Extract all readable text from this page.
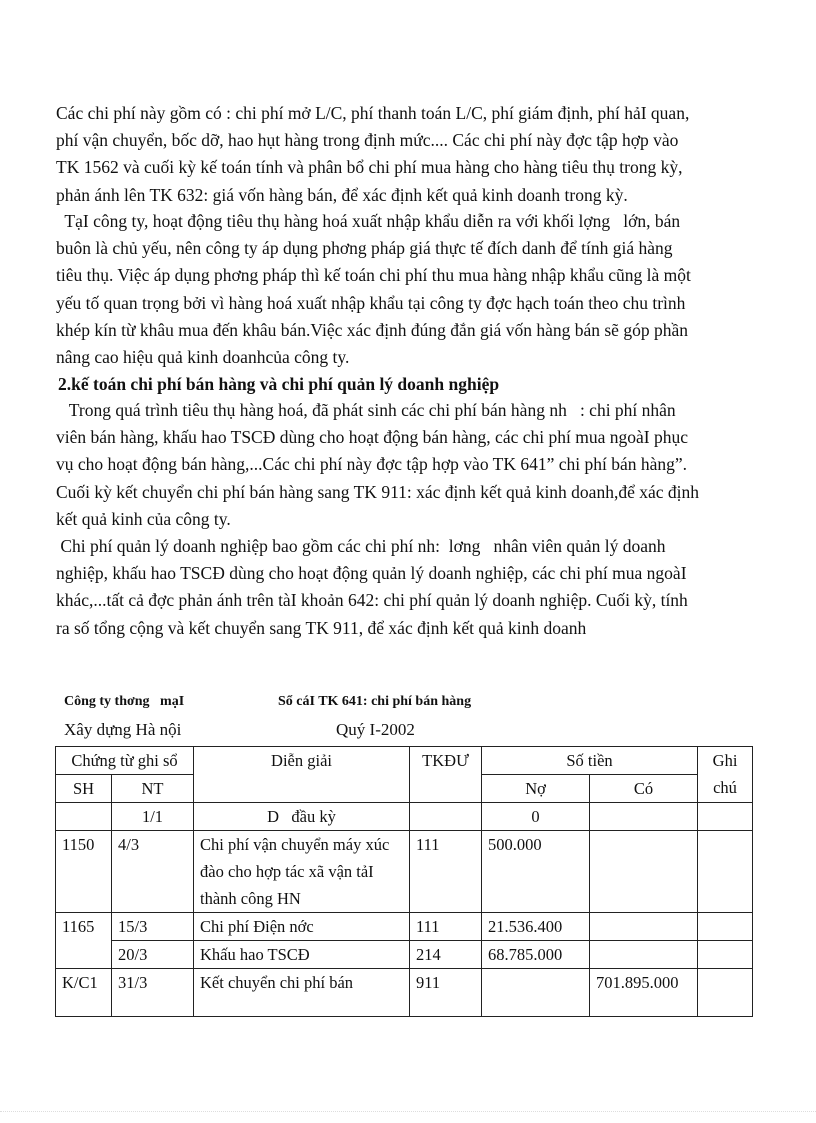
Các chi phí này gồm có : chi phí mở L/C, phí thanh toán L/C, phí giám định, phí hảI quan,
phí vận chuyển, bốc dỡ, hao hụt hàng trong định mức.... Các chi phí này đợc tập hợp vào
TK 1562 và cuối kỳ kế toán tính và phân bổ chi phí mua hàng cho hàng tiêu thụ trong kỳ,
phản ánh lên TK 632: giá vốn hàng bán, để xác định kết quả kinh doanh trong kỳ.
TạI công ty, hoạt động tiêu thụ hàng hoá xuất nhập khẩu diễn ra với khối lợng   lớn, bán
buôn là chủ yếu, nên công ty áp dụng phơng pháp giá thực tế đích danh để tính giá hàng
tiêu thụ. Việc áp dụng phơng pháp thì kế toán chi phí thu mua hàng nhập khẩu cũng là một
yếu tố quan trọng bởi vì hàng hoá xuất nhập khẩu tại công ty đợc hạch toán theo chu trình
khép kín từ khâu mua đến khâu bán.Việc xác định đúng đắn giá vốn hàng bán sẽ góp phần
nâng cao hiệu quả kinh doanhcủa công ty.
2.kế toán chi phí bán hàng và chi phí quản lý doanh nghiệp
Trong quá trình tiêu thụ hàng hoá, đã phát sinh các chi phí bán hàng nh   : chi phí nhân
viên bán hàng, khấu hao TSCĐ dùng cho hoạt động bán hàng, các chi phí mua ngoàI phục
vụ cho hoạt động bán hàng,...Các chi phí này đợc tập hợp vào TK 641” chi phí bán hàng”.
Cuối kỳ kết chuyển chi phí bán hàng sang TK 911: xác định kết quả kinh doanh,để xác định
kết quả kinh của công ty.
Chi phí quản lý doanh nghiệp bao gồm các chi phí nh:  lơng   nhân viên quản lý doanh
nghiệp, khấu hao TSCĐ dùng cho hoạt động quản lý doanh nghiệp, các chi phí mua ngoàI
khác,...tất cả đợc phản ánh trên tàI khoản 642: chi phí quản lý doanh nghiệp. Cuối kỳ, tính
ra số tổng cộng và kết chuyển sang TK 911, để xác định kết quả kinh doanh
Công ty thơng   mạI	Sổ cáI TK 641: chi phí bán hàng
Xây dựng Hà nội	Quý I-2002
Chứng từ ghi sổ		Diễn giải	TKĐƯ	Số tiền		Ghi chú
SH	NT			Nợ	Có	
	1/1	D   đầu kỳ		0		
1150	4/3	Chi phí vận chuyển máy xúc đào cho hợp tác xã vận tảI thành công HN	111	500.000		
1165	15/3	Chi phí Điện nớc	111	21.536.400		
	20/3	Khấu hao TSCĐ	214	68.785.000		
K/C1	31/3	Kết chuyển chi phí bán	911		701.895.000	
